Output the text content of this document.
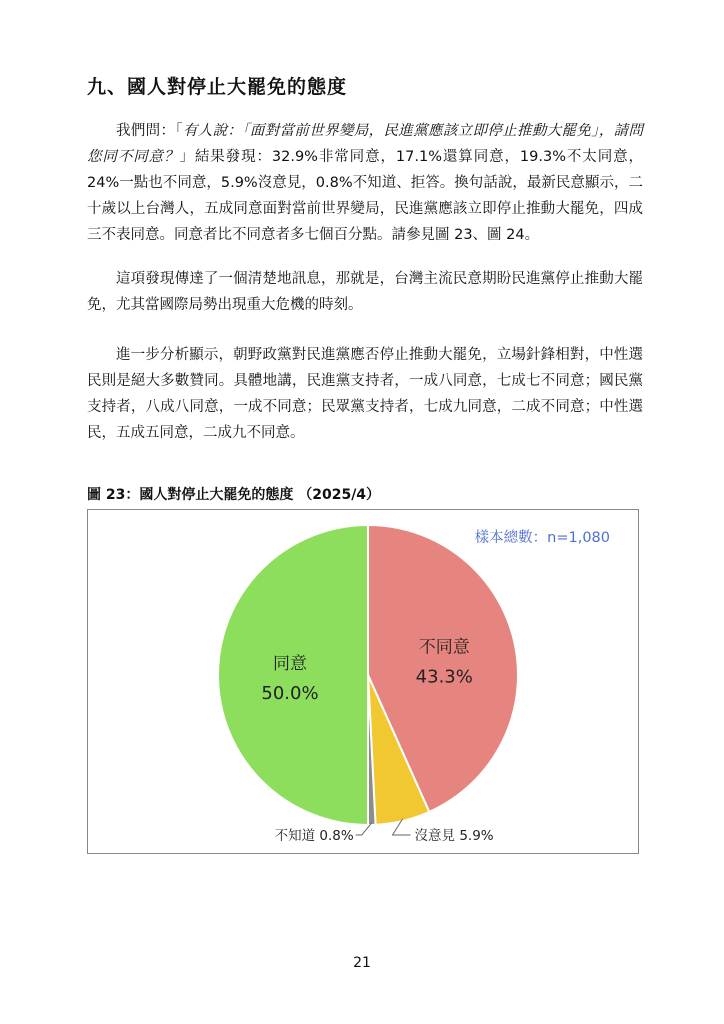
九、國人對停止大罷免的態度

我們問：「有人說：「面對當前世界變局，民進黨應該立即停止推動大罷免」，請問您同不同意？」結果發現：32.9%非常同意，17.1%還算同意，19.3%不太同意，24%一點也不同意，5.9%沒意見，0.8%不知道、拒答。換句話說，最新民意顯示，二十歲以上台灣人，五成同意面對當前世界變局，民進黨應該立即停止推動大罷免，四成三不表同意。同意者比不同意者多七個百分點。請參見圖 23、圖 24。

這項發現傳達了一個清楚地訊息，那就是，台灣主流民意期盼民進黨停止推動大罷免，尤其當國際局勢出現重大危機的時刻。

進一步分析顯示，朝野政黨對民進黨應否停止推動大罷免，立場針鋒相對，中性選民則是絕大多數贊同。具體地講，民進黨支持者，一成八同意，七成七不同意；國民黨支持者，八成八同意，一成不同意；民眾黨支持者，七成九同意，二成不同意；中性選民，五成五同意，二成九不同意。

圖 23：國人對停止大罷免的態度 （2025/4）
不同意
43.3%
同意
50.0%
沒意見 5.9%
不知道 0.8%
樣本總數：n=1,080
21
